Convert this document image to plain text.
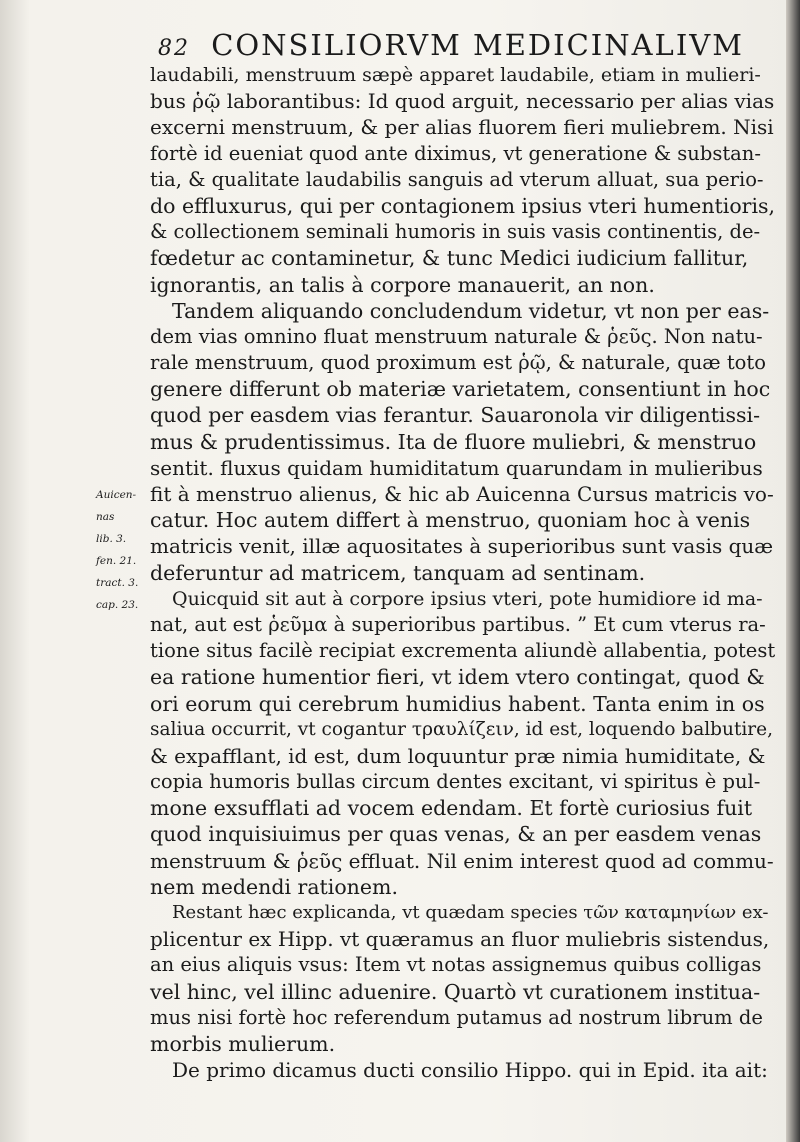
82 CONSILIORVM MEDICINALIVM
Auicen-
nas
lib. 3.
fen. 21.
tract. 3.
cap. 23.
laudabili, menstruum sæpè apparet laudabile, etiam in mulieri-
bus ῥῷ laborantibus: Id quod arguit, necessario per alias vias
excerni menstruum, & per alias fluorem fieri muliebrem. Nisi
fortè id eueniat quod ante diximus, vt generatione & substan-
tia, & qualitate laudabilis sanguis ad vterum alluat, sua perio-
do effluxurus, qui per contagionem ipsius vteri humentioris,
& collectionem seminali humoris in suis vasis continentis, de-
fœdetur ac contaminetur, & tunc Medici iudicium fallitur,
ignorantis, an talis à corpore manauerit, an non.
Tandem aliquando concludendum videtur, vt non per eas-
dem vias omnino fluat menstruum naturale & ῥεῦς. Non natu-
rale menstruum, quod proximum est ῥῷ, & naturale, quæ toto
genere differunt ob materiæ varietatem, consentiunt in hoc
quod per easdem vias ferantur. Sauaronola vir diligentissi-
mus & prudentissimus. Ita de fluore muliebri, & menstruo
sentit. fluxus quidam humiditatum quarundam in mulieribus
fit à menstruo alienus, & hic ab Auicenna Cursus matricis vo-
catur. Hoc autem differt à menstruo, quoniam hoc à venis
matricis venit, illæ aquositates à superioribus sunt vasis quæ
deferuntur ad matricem, tanquam ad sentinam.
Quicquid sit aut à corpore ipsius vteri, pote humidiore id ma-
nat, aut est ῥεῦμα à superioribus partibus. ” Et cum vterus ra-
tione situs facilè recipiat excrementa aliundè allabentia, potest
ea ratione humentior fieri, vt idem vtero contingat, quod &
ori eorum qui cerebrum humidius habent. Tanta enim in os
saliua occurrit, vt cogantur τραυλίζειν, id est, loquendo balbutire,
& expafflant, id est, dum loquuntur præ nimia humiditate, &
copia humoris bullas circum dentes excitant, vi spiritus è pul-
mone exsufflati ad vocem edendam. Et fortè curiosius fuit
quod inquisiuimus per quas venas, & an per easdem venas
menstruum & ῥεῦς effluat. Nil enim interest quod ad commu-
nem medendi rationem.
Restant hæc explicanda, vt quædam species τῶν καταμηνίων ex-
plicentur ex Hipp. vt quæramus an fluor muliebris sistendus,
an eius aliquis vsus: Item vt notas assignemus quibus colligas
vel hinc, vel illinc aduenire. Quartò vt curationem instituа-
mus nisi fortè hoc referendum putamus ad nostrum librum de
morbis mulierum.
De primo dicamus ducti consilio Hippo. qui in Epid. ita ait:
